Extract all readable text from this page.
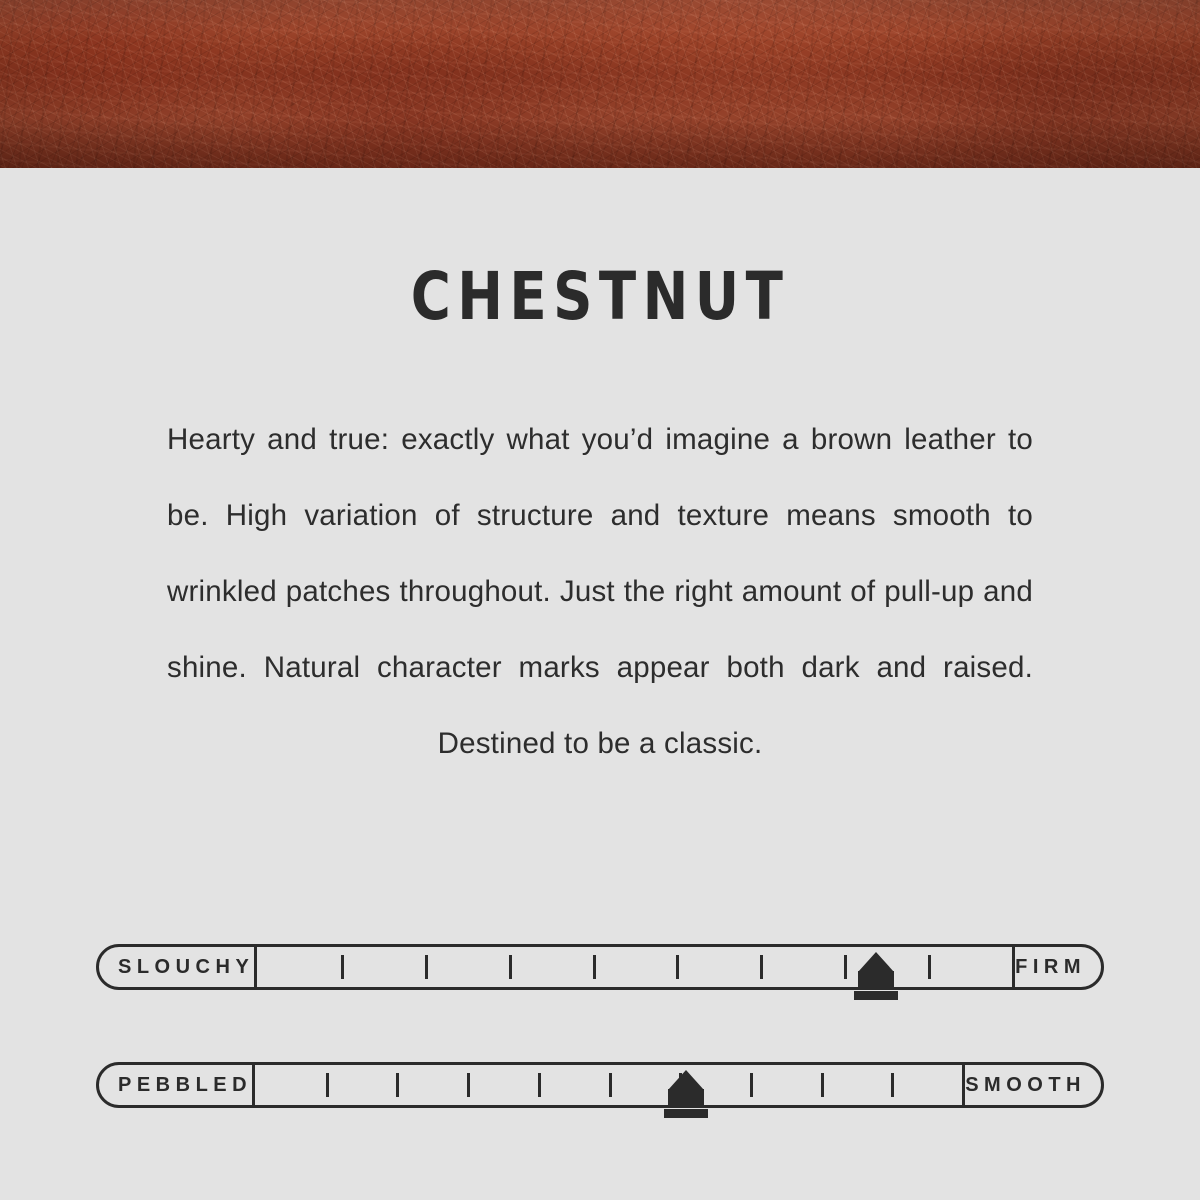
CHESTNUT

Hearty and true: exactly what you’d imagine a brown leather to be. High variation of structure and texture means smooth to wrinkled patches throughout. Just the right amount of pull-up and shine. Natural character marks appear both dark and raised. Destined to be a classic.

SLOUCHY	FIRM
PEBBLED	SMOOTH
